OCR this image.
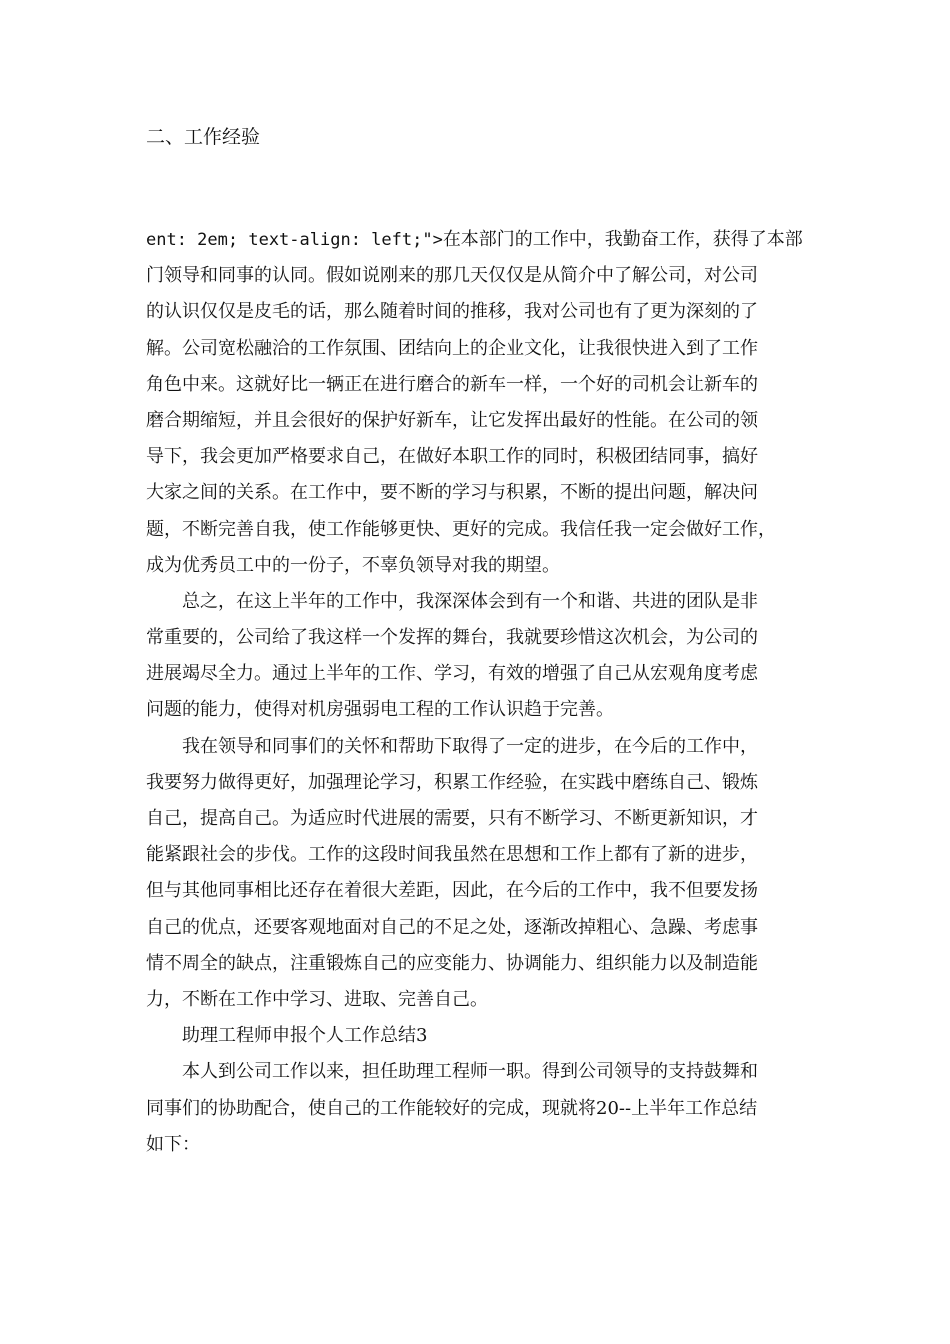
二、工作经验
ent: 2em; text-align: left;">在本部门的工作中，我勤奋工作，获得了本部
门领导和同事的认同。假如说刚来的那几天仅仅是从简介中了解公司，对公司
的认识仅仅是皮毛的话，那么随着时间的推移，我对公司也有了更为深刻的了
解。公司宽松融洽的工作氛围、团结向上的企业文化，让我很快进入到了工作
角色中来。这就好比一辆正在进行磨合的新车一样，一个好的司机会让新车的
磨合期缩短，并且会很好的保护好新车，让它发挥出最好的性能。在公司的领
导下，我会更加严格要求自己，在做好本职工作的同时，积极团结同事，搞好
大家之间的关系。在工作中，要不断的学习与积累，不断的提出问题，解决问
题，不断完善自我，使工作能够更快、更好的完成。我信任我一定会做好工作，
成为优秀员工中的一份子，不辜负领导对我的期望。
总之，在这上半年的工作中，我深深体会到有一个和谐、共进的团队是非
常重要的，公司给了我这样一个发挥的舞台，我就要珍惜这次机会，为公司的
进展竭尽全力。通过上半年的工作、学习，有效的增强了自己从宏观角度考虑
问题的能力，使得对机房强弱电工程的工作认识趋于完善。
我在领导和同事们的关怀和帮助下取得了一定的进步，在今后的工作中，
我要努力做得更好，加强理论学习，积累工作经验，在实践中磨练自己、锻炼
自己，提高自己。为适应时代进展的需要，只有不断学习、不断更新知识，才
能紧跟社会的步伐。工作的这段时间我虽然在思想和工作上都有了新的进步，
但与其他同事相比还存在着很大差距，因此，在今后的工作中，我不但要发扬
自己的优点，还要客观地面对自己的不足之处，逐渐改掉粗心、急躁、考虑事
情不周全的缺点，注重锻炼自己的应变能力、协调能力、组织能力以及制造能
力，不断在工作中学习、进取、完善自己。
助理工程师申报个人工作总结3
本人到公司工作以来，担任助理工程师一职。得到公司领导的支持鼓舞和
同事们的协助配合，使自己的工作能较好的完成，现就将20--上半年工作总结
如下：
